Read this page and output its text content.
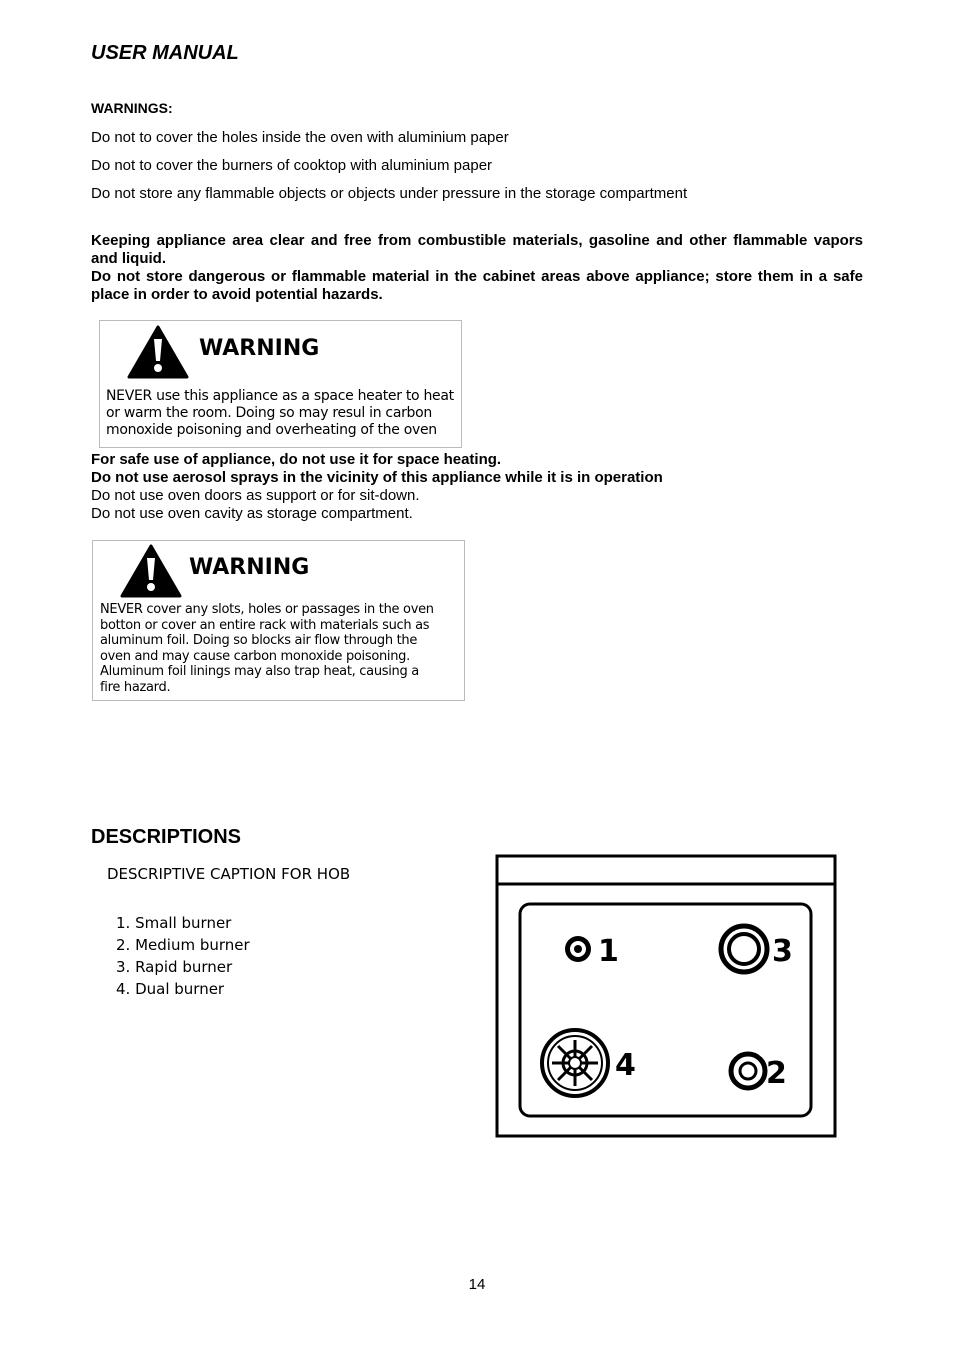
USER MANUAL
WARNINGS:
Do not to cover the holes inside the oven with aluminium paper
Do not to cover the burners of cooktop with aluminium paper
Do not store any flammable objects or objects under pressure in the storage compartment

Keeping appliance area clear and free from combustible materials, gasoline and other flammable vapors and liquid.

Do not store dangerous or flammable material in the cabinet areas above appliance; store them in a safe place in order to avoid potential hazards.

WARNING
NEVER use this appliance as a space heater to heat
or warm the room. Doing so may resul in carbon
monoxide poisoning and overheating of the oven
For safe use of appliance, do not use it for space heating.
Do not use aerosol sprays in the vicinity of this appliance while it is in operation
Do not use oven doors as support or for sit-down.
Do not use oven cavity as storage compartment.
WARNING
NEVER cover any slots, holes or passages in the oven
botton or cover an entire rack with materials such as
aluminum foil. Doing so blocks air flow through the
oven and may cause carbon monoxide poisoning.
Aluminum foil linings may also trap heat, causing a
fire hazard.
DESCRIPTIONS
DESCRIPTIVE CAPTION FOR HOB
1. Small burner
2. Medium burner
3. Rapid burner
4. Dual burner
1	3
4	2
14
